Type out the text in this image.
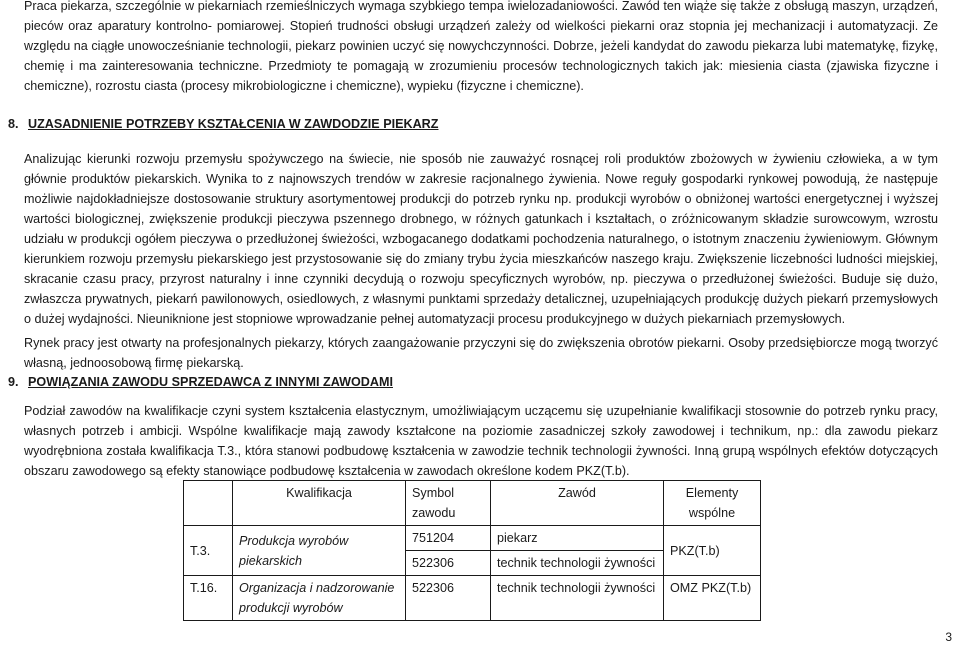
Praca piekarza, szczególnie w piekarniach rzemieślniczych wymaga szybkiego tempa iwielozadaniowości. Zawód ten wiąże się także z obsługą maszyn, urządzeń, pieców oraz aparatury kontrolno- pomiarowej. Stopień trudności obsługi urządzeń zależy od wielkości piekarni oraz stopnia jej mechanizacji i automatyzacji. Ze względu na ciągłe unowocześnianie technologii, piekarz powinien uczyć się nowychczynności. Dobrze, jeżeli kandydat do zawodu piekarza lubi matematykę, fizykę, chemię i ma zainteresowania techniczne. Przedmioty te pomagają w zrozumieniu procesów technologicznych takich jak: miesienia ciasta (zjawiska fizyczne i chemiczne), rozrostu ciasta (procesy mikrobiologiczne i chemiczne), wypieku (fizyczne i chemiczne).

8. UZASADNIENIE POTRZEBY KSZTAŁCENIA W ZAWDODZIE PIEKARZ

Analizując kierunki rozwoju przemysłu spożywczego na świecie, nie sposób nie zauważyć rosnącej roli produktów zbożowych w żywieniu człowieka, a w tym głównie produktów piekarskich. Wynika to z najnowszych trendów w zakresie racjonalnego żywienia. Nowe reguły gospodarki rynkowej powodują, że następuje możliwie najdokładniejsze dostosowanie struktury asortymentowej produkcji do potrzeb rynku np. produkcji wyrobów o obniżonej wartości energetycznej i wyższej wartości biologicznej, zwiększenie produkcji pieczywa pszennego drobnego, w różnych gatunkach i kształtach, o zróżnicowanym składzie surowcowym, wzrostu udziału w produkcji ogółem pieczywa o przedłużonej świeżości, wzbogacanego dodatkami pochodzenia naturalnego, o istotnym znaczeniu żywieniowym. Głównym kierunkiem rozwoju przemysłu piekarskiego jest przystosowanie się do zmiany trybu życia mieszkańców naszego kraju. Zwiększenie liczebności ludności miejskiej, skracanie czasu pracy, przyrost naturalny i inne czynniki decydują o rozwoju specyficznych wyrobów, np. pieczywa o przedłużonej świeżości. Buduje się dużo, zwłaszcza prywatnych, piekarń pawilonowych, osiedlowych, z własnymi punktami sprzedaży detalicznej, uzupełniających produkcję dużych piekarń przemysłowych o dużej wydajności. Nieuniknione jest stopniowe wprowadzanie pełnej automatyzacji procesu produkcyjnego w dużych piekarniach przemysłowych.

Rynek pracy jest otwarty na profesjonalnych piekarzy, których zaangażowanie przyczyni się do zwiększenia obrotów piekarni. Osoby przedsiębiorcze mogą tworzyć własną, jednoosobową firmę piekarską.

9. POWIĄZANIA ZAWODU SPRZEDAWCA Z INNYMI ZAWODAMI

Podział zawodów na kwalifikacje czyni system kształcenia elastycznym, umożliwiającym uczącemu się uzupełnianie kwalifikacji stosownie do potrzeb rynku pracy, własnych potrzeb i ambicji. Wspólne kwalifikacje mają zawody kształcone na poziomie zasadniczej szkoły zawodowej i technikum, np.: dla zawodu piekarz wyodrębniona została kwalifikacja T.3., która stanowi podbudowę kształcenia w zawodzie technik technologii żywności. Inną grupą wspólnych efektów dotyczących obszaru zawodowego są efekty stanowiące podbudowę kształcenia w zawodach określone kodem PKZ(T.b).

	Kwalifikacja	Symbol zawodu	Zawód	Elementy wspólne
T.3.	Produkcja wyrobów piekarskich	751204	piekarz	PKZ(T.b)
		522306	technik technologii żywności	
T.16.	Organizacja i nadzorowanie produkcji wyrobów	522306	technik technologii żywności	OMZ PKZ(T.b)
3
